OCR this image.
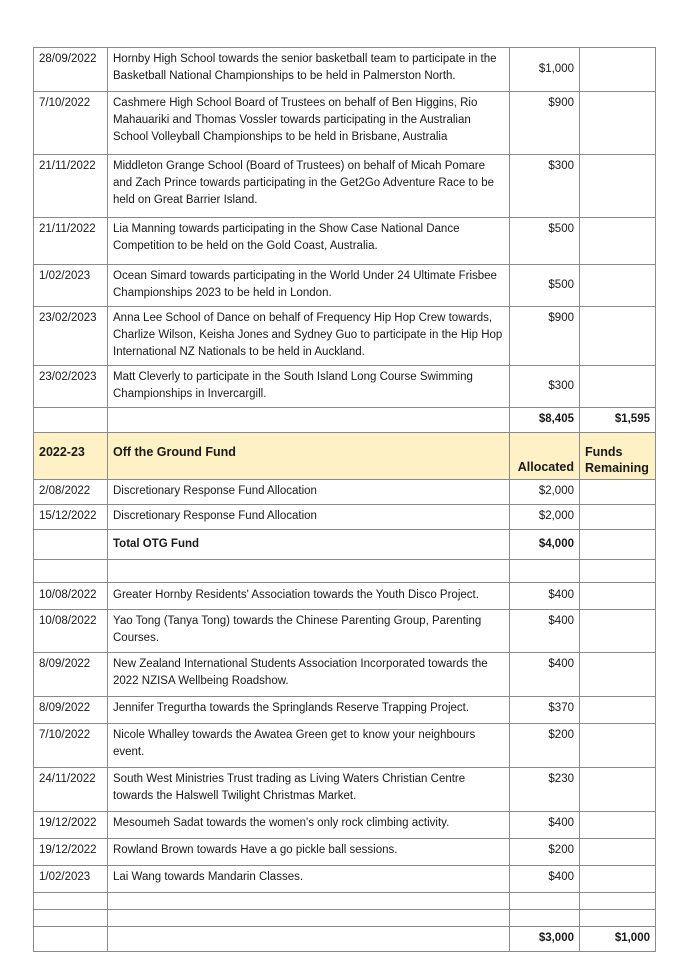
28/09/2022	Hornby High School towards the senior basketball team to participate in the Basketball National Championships to be held in Palmerston North.	$1,000	
7/10/2022	Cashmere High School Board of Trustees on behalf of Ben Higgins, Rio Mahauariki and Thomas Vossler towards participating in the Australian School Volleyball Championships to be held in Brisbane, Australia	$900	
21/11/2022	Middleton Grange School (Board of Trustees) on behalf of Micah Pomare and Zach Prince towards participating in the Get2Go Adventure Race to be held on Great Barrier Island.	$300	
21/11/2022	Lia Manning towards participating in the Show Case National Dance Competition to be held on the Gold Coast, Australia.	$500	
1/02/2023	Ocean Simard towards participating in the World Under 24 Ultimate Frisbee Championships 2023 to be held in London.	$500	
23/02/2023	Anna Lee School of Dance on behalf of Frequency Hip Hop Crew towards, Charlize Wilson, Keisha Jones and Sydney Guo to participate in the Hip Hop International NZ Nationals to be held in Auckland.	$900	
23/02/2023	Matt Cleverly to participate in the South Island Long Course Swimming Championships in Invercargill.	$300	
		$8,405	$1,595
2022-23	Off the Ground Fund	Allocated	Funds Remaining
2/08/2022	Discretionary Response Fund Allocation	$2,000	
15/12/2022	Discretionary Response Fund Allocation	$2,000	
	Total OTG Fund	$4,000	

10/08/2022	Greater Hornby Residents' Association towards the Youth Disco Project.	$400	
10/08/2022	Yao Tong (Tanya Tong) towards the Chinese Parenting Group, Parenting Courses.	$400	
8/09/2022	New Zealand International Students Association Incorporated towards the 2022 NZISA Wellbeing Roadshow.	$400	
8/09/2022	Jennifer Tregurtha towards the Springlands Reserve Trapping Project.	$370	
7/10/2022	Nicole Whalley towards the Awatea Green get to know your neighbours event.	$200	
24/11/2022	South West Ministries Trust trading as Living Waters Christian Centre towards the Halswell Twilight Christmas Market.	$230	
19/12/2022	Mesoumeh Sadat towards the women's only rock climbing activity.	$400	
19/12/2022	Rowland Brown towards Have a go pickle ball sessions.	$200	
1/02/2023	Lai Wang towards Mandarin Classes.	$400	

		$3,000	$1,000
